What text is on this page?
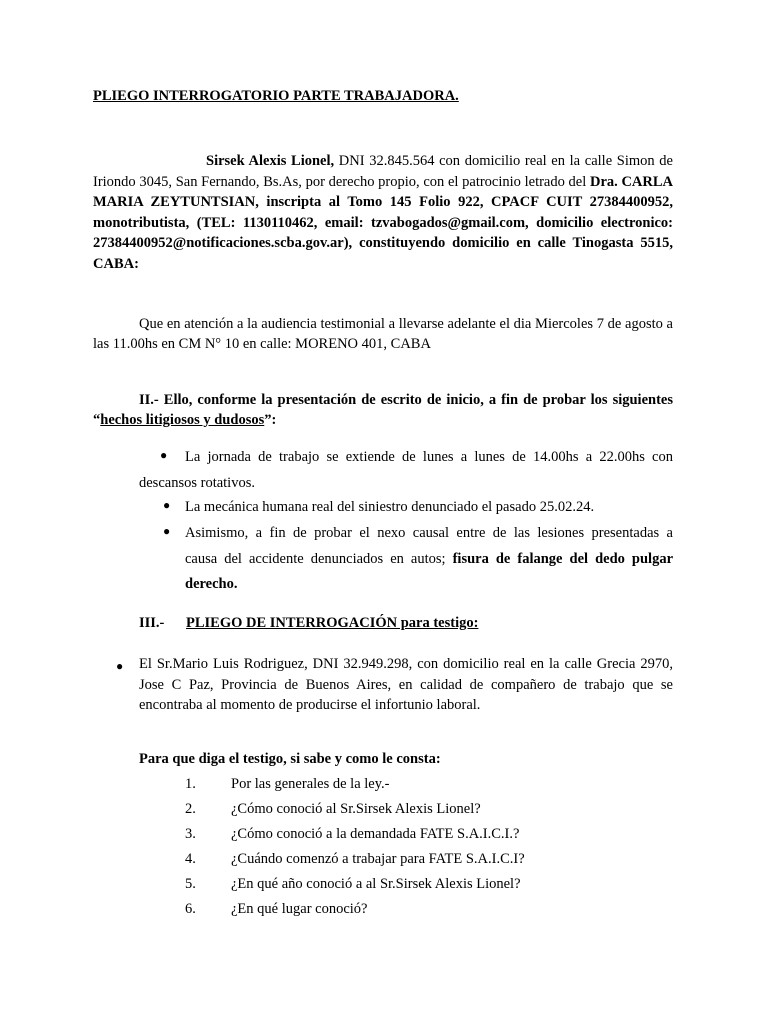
PLIEGO INTERROGATORIO PARTE TRABAJADORA.
Sirsek Alexis Lionel, DNI 32.845.564 con domicilio real en la calle Simon de Iriondo 3045, San Fernando, Bs.As, por derecho propio, con el patrocinio letrado del Dra. CARLA MARIA ZEYTUNTSIAN, inscripta al Tomo 145 Folio 922, CPACF CUIT 27384400952, monotributista, (TEL: 1130110462, email: tzvabogados@gmail.com, domicilio electronico: 27384400952@notificaciones.scba.gov.ar), constituyendo domicilio en calle Tinogasta 5515, CABA:
Que en atención a la audiencia testimonial a llevarse adelante el dia Miercoles 7 de agosto a las 11.00hs en CM N° 10 en calle: MORENO 401, CABA
II.- Ello, conforme la presentación de escrito de inicio, a fin de probar los siguientes “hechos litigiosos y dudosos”:
● La jornada de trabajo se extiende de lunes a lunes de 14.00hs a 22.00hs con
descansos rotativos.
● La mecánica humana real del siniestro denunciado el pasado 25.02.24.
● Asimismo, a fin de probar el nexo causal entre de las lesiones presentadas a
causa del accidente denunciados en autos; fisura de falange del dedo pulgar
derecho.
III.- PLIEGO DE INTERROGACIÓN para testigo:
● El Sr.Mario Luis Rodriguez, DNI 32.949.298, con domicilio real en la calle Grecia 2970, Jose C Paz, Provincia de Buenos Aires, en calidad de compañero de trabajo que se encontraba al momento de producirse el infortunio laboral.
Para que diga el testigo, si sabe y como le consta:
1.	Por las generales de la ley.-
2.	¿Cómo conoció al Sr.Sirsek Alexis Lionel?
3.	¿Cómo conoció a la demandada FATE S.A.I.C.I.?
4.	¿Cuándo comenzó a trabajar para FATE S.A.I.C.I?
5.	¿En qué año conoció a al Sr.Sirsek Alexis Lionel?
6.	¿En qué lugar conoció?
